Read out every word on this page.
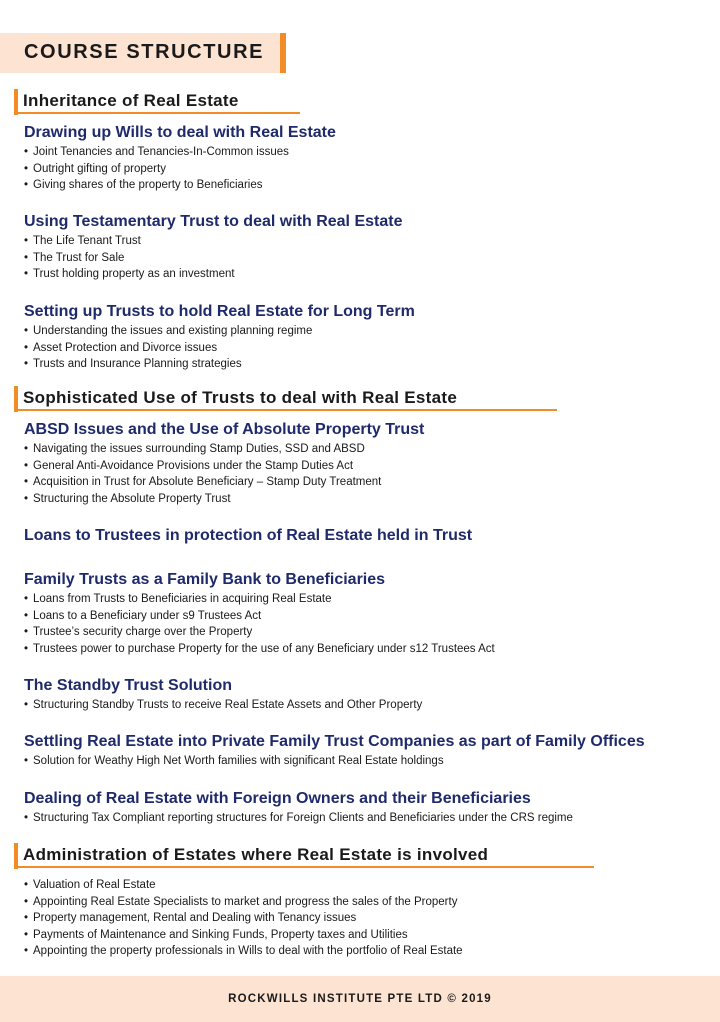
COURSE STRUCTURE
Inheritance of Real Estate

Drawing up Wills to deal with Real Estate

• Joint Tenancies and Tenancies-In-Common issues
• Outright gifting of property
• Giving shares of the property to Beneficiaries

Using Testamentary Trust to deal with Real Estate

• The Life Tenant Trust
• The Trust for Sale
• Trust holding property as an investment

Setting up Trusts to hold Real Estate for Long Term

• Understanding the issues and existing planning regime
• Asset Protection and Divorce issues
• Trusts and Insurance Planning strategies
Sophisticated Use of Trusts to deal with Real Estate

ABSD Issues and the Use of Absolute Property Trust

• Navigating the issues surrounding Stamp Duties, SSD and ABSD
• General Anti-Avoidance Provisions under the Stamp Duties Act
• Acquisition in Trust for Absolute Beneficiary – Stamp Duty Treatment
• Structuring the Absolute Property Trust

Loans to Trustees in protection of Real Estate held in Trust

Family Trusts as a Family Bank to Beneficiaries

• Loans from Trusts to Beneficiaries in acquiring Real Estate
• Loans to a Beneficiary under s9 Trustees Act
• Trustee’s security charge over the Property
• Trustees power to purchase Property for the use of any Beneficiary under s12 Trustees Act

The Standby Trust Solution

• Structuring Standby Trusts to receive Real Estate Assets and Other Property

Settling Real Estate into Private Family Trust Companies as part of Family Offices

• Solution for Weathy High Net Worth families with significant Real Estate holdings

Dealing of Real Estate with Foreign Owners and their Beneficiaries

• Structuring Tax Compliant reporting structures for Foreign Clients and Beneficiaries under the CRS regime
Administration of Estates where Real Estate is involved
• Valuation of Real Estate
• Appointing Real Estate Specialists to market and progress the sales of the Property
• Property management, Rental and Dealing with Tenancy issues
• Payments of Maintenance and Sinking Funds, Property taxes and Utilities
• Appointing the property professionals in Wills to deal with the portfolio of Real Estate
ROCKWILLS INSTITUTE PTE LTD © 2019
